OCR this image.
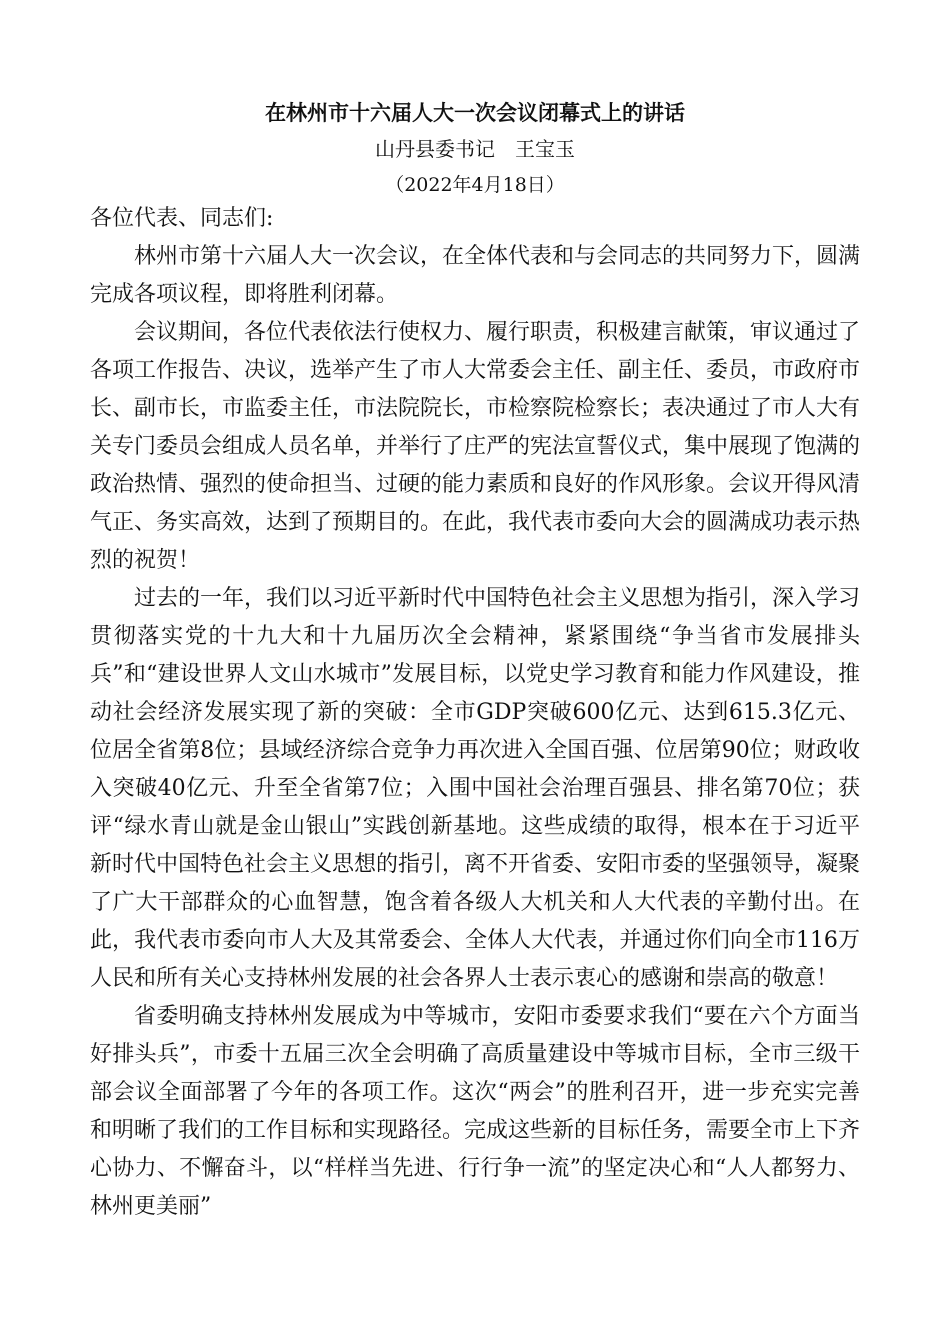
在林州市十六届人大一次会议闭幕式上的讲话
山丹县委书记　王宝玉
（2022年4月18日）

各位代表、同志们:

林州市第十六届人大一次会议，在全体代表和与会同志的共同努力下，圆满完成各项议程，即将胜利闭幕。

会议期间，各位代表依法行使权力、履行职责，积极建言献策，审议通过了各项工作报告、决议，选举产生了市人大常委会主任、副主任、委员，市政府市长、副市长，市监委主任，市法院院长，市检察院检察长；表决通过了市人大有关专门委员会组成人员名单，并举行了庄严的宪法宣誓仪式，集中展现了饱满的政治热情、强烈的使命担当、过硬的能力素质和良好的作风形象。会议开得风清气正、务实高效，达到了预期目的。在此，我代表市委向大会的圆满成功表示热烈的祝贺！

过去的一年，我们以习近平新时代中国特色社会主义思想为指引，深入学习贯彻落实党的十九大和十九届历次全会精神，紧紧围绕“争当省市发展排头兵”和“建设世界人文山水城市”发展目标，以党史学习教育和能力作风建设，推动社会经济发展实现了新的突破：全市GDP突破600亿元、达到615.3亿元、位居全省第8位；县域经济综合竞争力再次进入全国百强、位居第90位；财政收入突破40亿元、升至全省第7位；入围中国社会治理百强县、排名第70位；获评“绿水青山就是金山银山”实践创新基地。这些成绩的取得，根本在于习近平新时代中国特色社会主义思想的指引，离不开省委、安阳市委的坚强领导，凝聚了广大干部群众的心血智慧，饱含着各级人大机关和人大代表的辛勤付出。在此，我代表市委向市人大及其常委会、全体人大代表，并通过你们向全市116万人民和所有关心支持林州发展的社会各界人士表示衷心的感谢和崇高的敬意！

省委明确支持林州发展成为中等城市，安阳市委要求我们“要在六个方面当好排头兵”，市委十五届三次全会明确了高质量建设中等城市目标，全市三级干部会议全面部署了今年的各项工作。这次“两会”的胜利召开，进一步充实完善和明晰了我们的工作目标和实现路径。完成这些新的目标任务，需要全市上下齐心协力、不懈奋斗，以“样样当先进、行行争一流”的坚定决心和“人人都努力、林州更美丽”
